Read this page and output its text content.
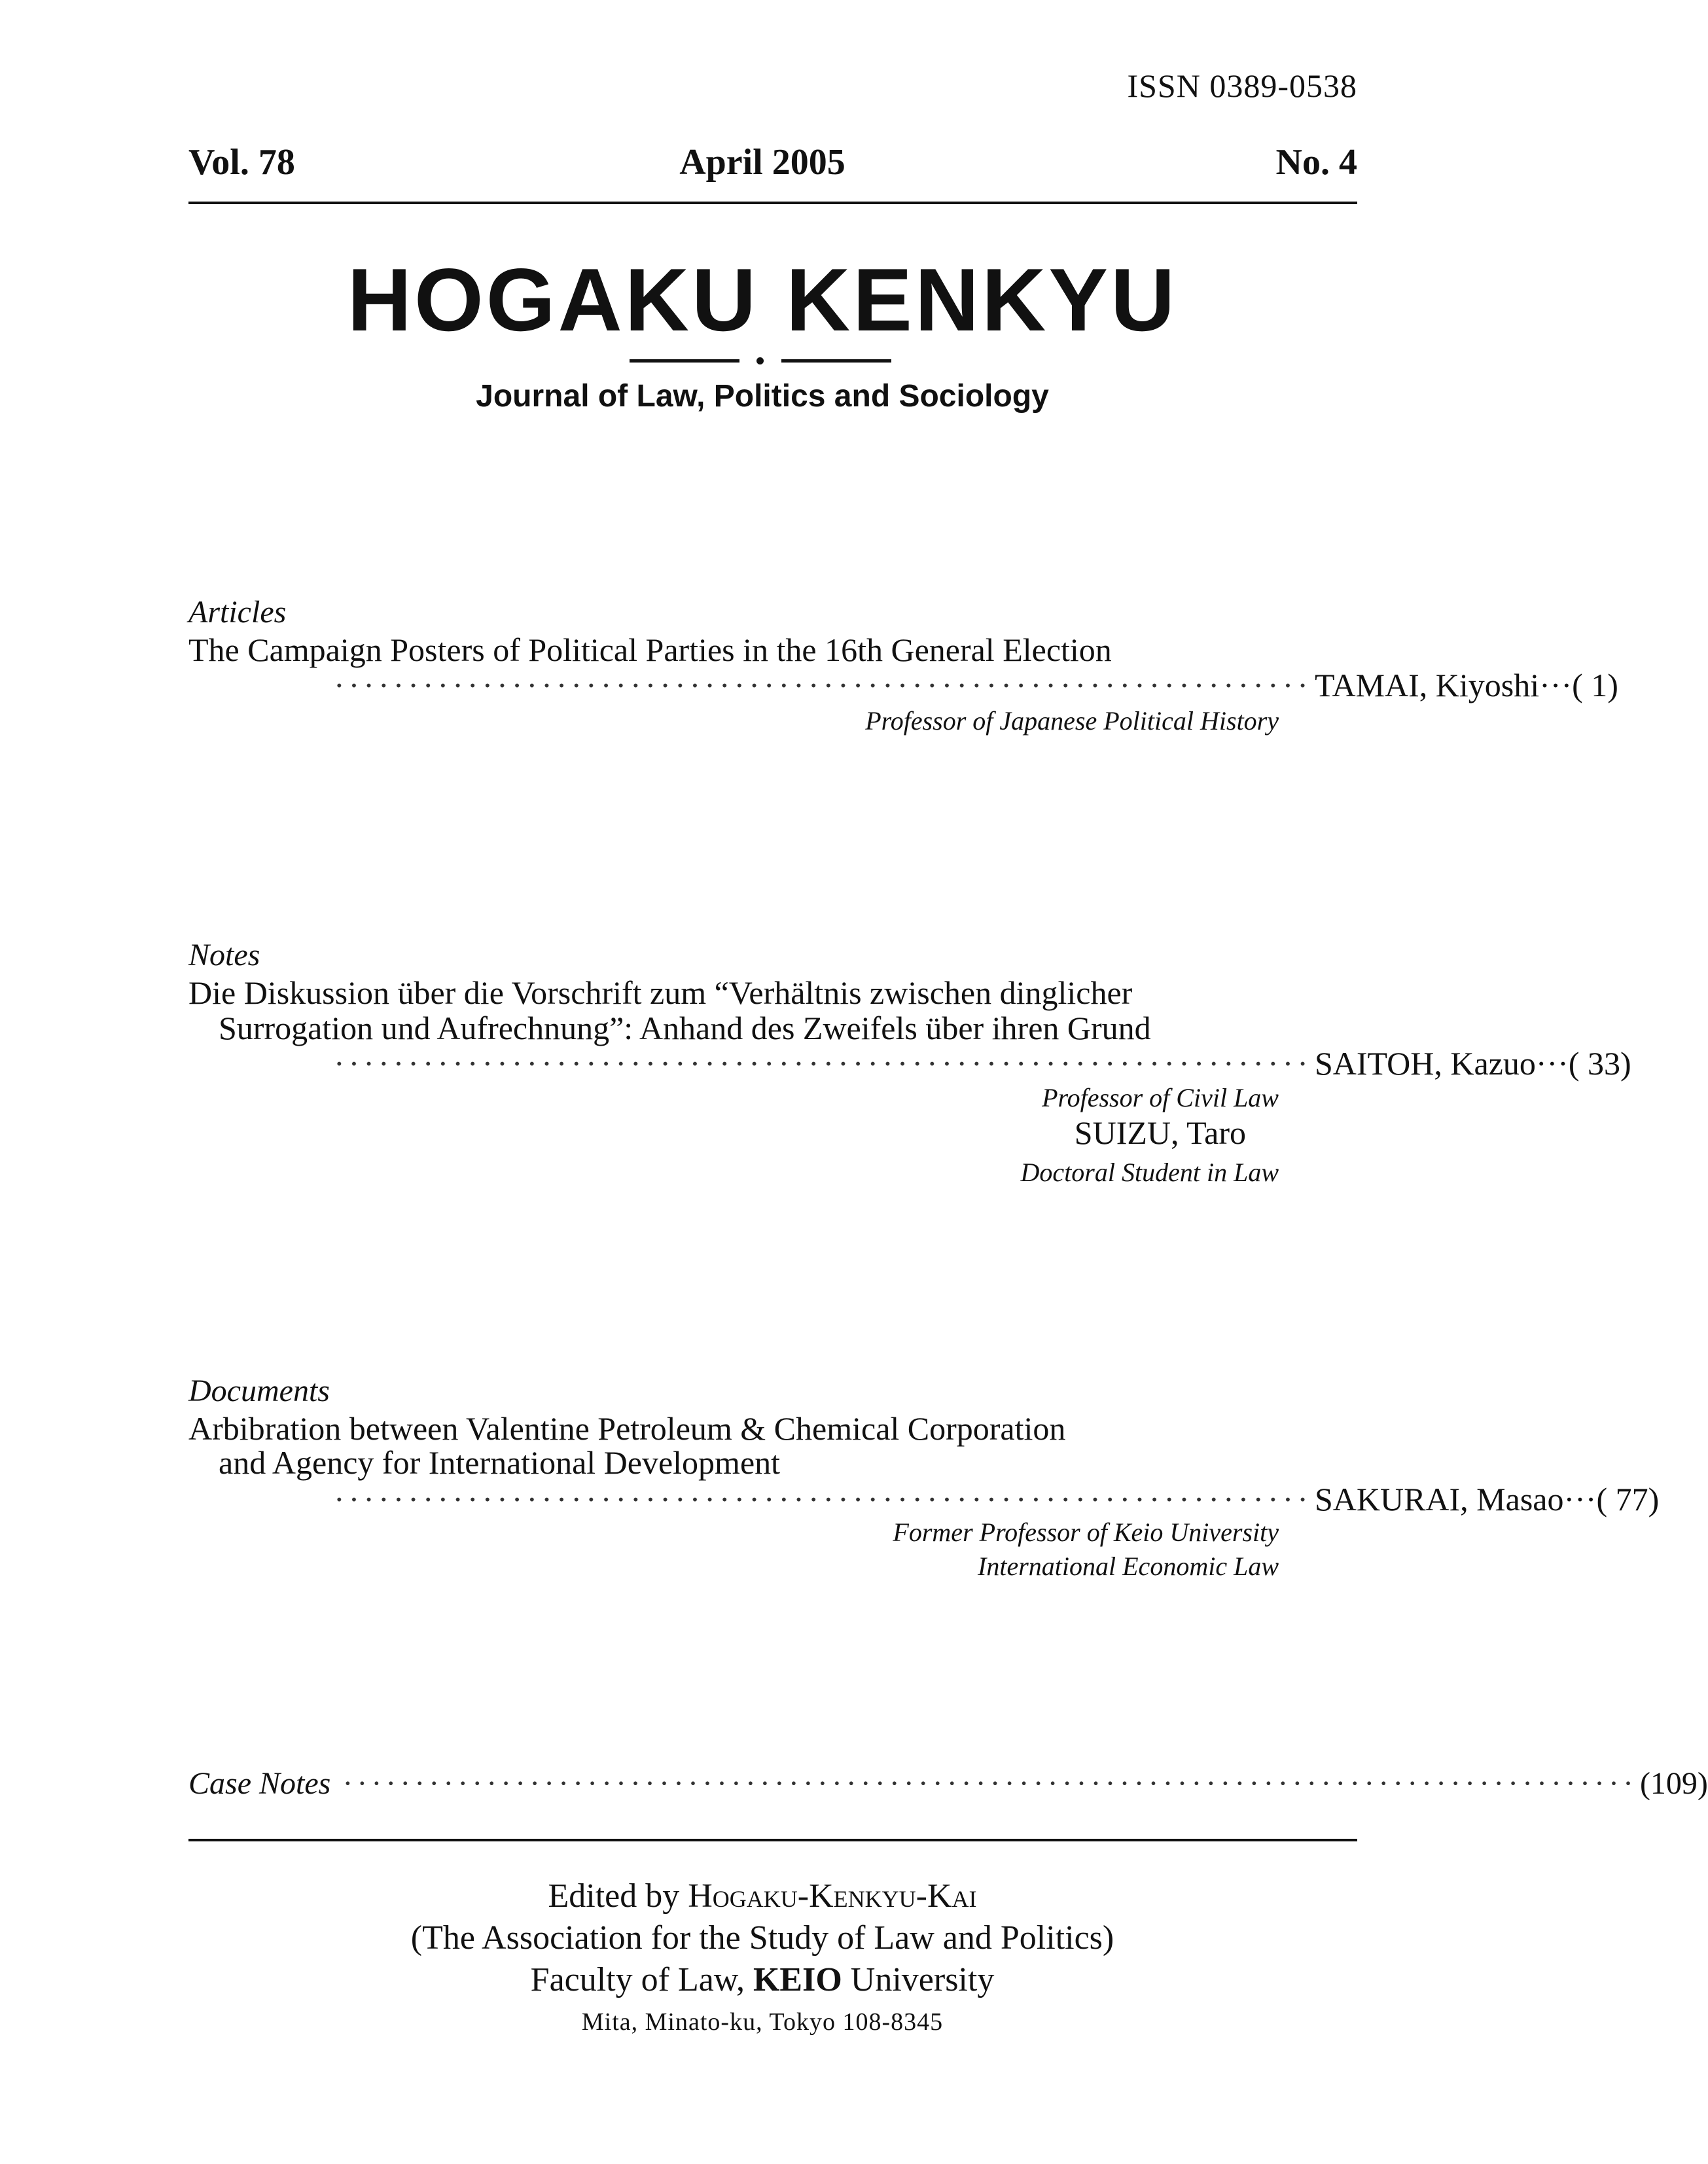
ISSN 0389-0538
Vol. 78	April 2005	No. 4
HOGAKU KENKYU
Journal of Law, Politics and Sociology
Articles
The Campaign Posters of Political Parties in the 16th General Election
·································································· TAMAI, Kiyoshi··· ( 1)
Professor of Japanese Political History
Notes
Die Diskussion über die Vorschrift zum “Verhältnis zwischen dinglicher
Surrogation und Aufrechnung”: Anhand des Zweifels über ihren Grund
·································································· SAITOH, Kazuo··· ( 33)
Professor of Civil Law
SUIZU, Taro
Doctoral Student in Law
Documents
Arbibration between Valentine Petroleum & Chemical Corporation
and Agency for International Development
·································································· SAKURAI, Masao··· ( 77)
Former Professor of Keio University
International Economic Law
Case Notes ·························································································· (109)
Edited by Hogaku-Kenkyu-Kai
(The Association for the Study of Law and Politics)
Faculty of Law, KEIO University
Mita, Minato-ku, Tokyo 108-8345
